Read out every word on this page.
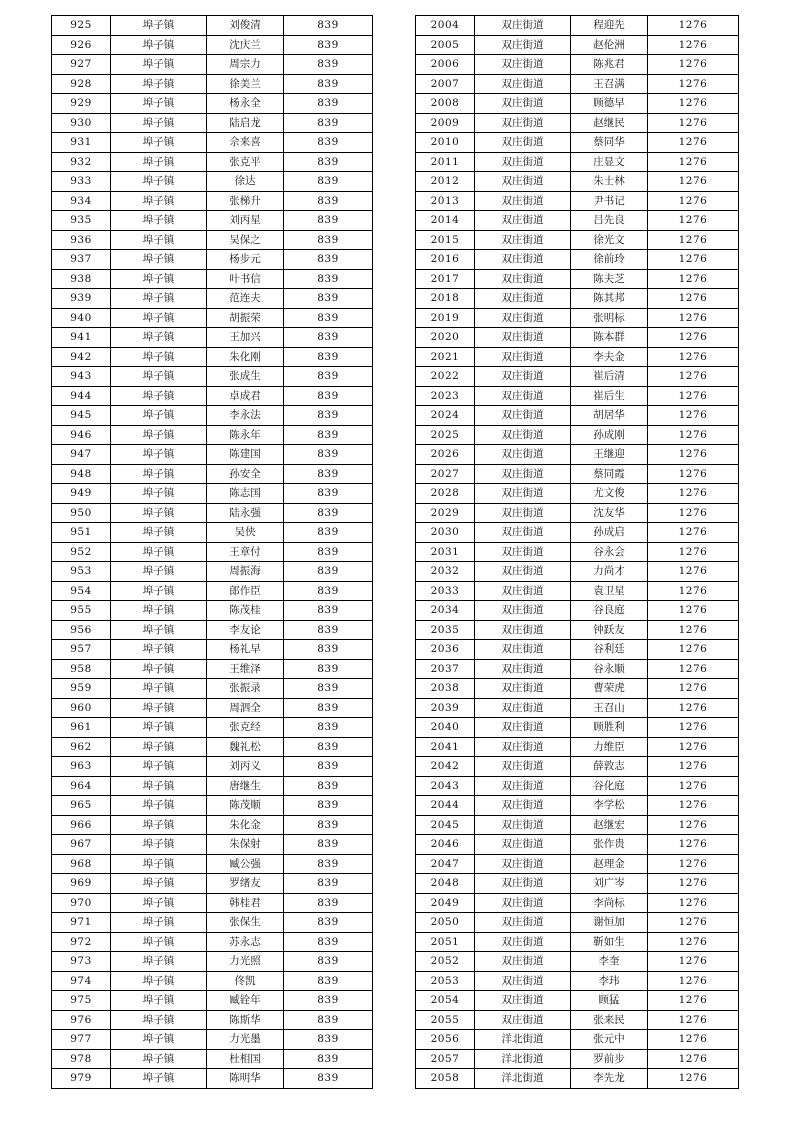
925	埠子镇	刘俊清	839
926	埠子镇	沈庆兰	839
927	埠子镇	周宗力	839
928	埠子镇	徐美兰	839
929	埠子镇	杨永全	839
930	埠子镇	陆启龙	839
931	埠子镇	佘来喜	839
932	埠子镇	张克平	839
933	埠子镇	徐达	839
934	埠子镇	张梯升	839
935	埠子镇	刘丙星	839
936	埠子镇	吴保之	839
937	埠子镇	杨步元	839
938	埠子镇	叶书信	839
939	埠子镇	范连夫	839
940	埠子镇	胡振荣	839
941	埠子镇	王加兴	839
942	埠子镇	朱化刚	839
943	埠子镇	张成生	839
944	埠子镇	卓成君	839
945	埠子镇	李永法	839
946	埠子镇	陈永年	839
947	埠子镇	陈建国	839
948	埠子镇	孙安全	839
949	埠子镇	陈志国	839
950	埠子镇	陆永强	839
951	埠子镇	吴侠	839
952	埠子镇	王章付	839
953	埠子镇	周振海	839
954	埠子镇	郎作臣	839
955	埠子镇	陈茂桂	839
956	埠子镇	李友论	839
957	埠子镇	杨礼早	839
958	埠子镇	王维泽	839
959	埠子镇	张振录	839
960	埠子镇	周泗全	839
961	埠子镇	张克经	839
962	埠子镇	魏礼松	839
963	埠子镇	刘丙义	839
964	埠子镇	唐继生	839
965	埠子镇	陈茂顺	839
966	埠子镇	朱化金	839
967	埠子镇	朱保射	839
968	埠子镇	臧公强	839
969	埠子镇	罗绪友	839
970	埠子镇	韩桂君	839
971	埠子镇	张保生	839
972	埠子镇	苏永志	839
973	埠子镇	力光照	839
974	埠子镇	佟凯	839
975	埠子镇	臧铨年	839
976	埠子镇	陈斯华	839
977	埠子镇	力光墨	839
978	埠子镇	杜相国	839
979	埠子镇	陈明华	839
2004	双庄街道	程迎先	1276
2005	双庄街道	赵伦洲	1276
2006	双庄街道	陈兆君	1276
2007	双庄街道	王召满	1276
2008	双庄街道	顾德早	1276
2009	双庄街道	赵继民	1276
2010	双庄街道	蔡同华	1276
2011	双庄街道	庄显文	1276
2012	双庄街道	朱士林	1276
2013	双庄街道	尹书记	1276
2014	双庄街道	吕先良	1276
2015	双庄街道	徐光文	1276
2016	双庄街道	徐前玲	1276
2017	双庄街道	陈夫芝	1276
2018	双庄街道	陈其邦	1276
2019	双庄街道	张明标	1276
2020	双庄街道	陈本群	1276
2021	双庄街道	李夫金	1276
2022	双庄街道	崔后清	1276
2023	双庄街道	崔后生	1276
2024	双庄街道	胡居华	1276
2025	双庄街道	孙成刚	1276
2026	双庄街道	王继迎	1276
2027	双庄街道	蔡同霞	1276
2028	双庄街道	尤文俊	1276
2029	双庄街道	沈友华	1276
2030	双庄街道	孙成启	1276
2031	双庄街道	谷永会	1276
2032	双庄街道	力尚才	1276
2033	双庄街道	袁卫星	1276
2034	双庄街道	谷良庭	1276
2035	双庄街道	钟跃友	1276
2036	双庄街道	谷利廷	1276
2037	双庄街道	谷永顺	1276
2038	双庄街道	曹荣虎	1276
2039	双庄街道	王召山	1276
2040	双庄街道	顾胜利	1276
2041	双庄街道	力维臣	1276
2042	双庄街道	薛敦志	1276
2043	双庄街道	谷化庭	1276
2044	双庄街道	李学松	1276
2045	双庄街道	赵继宏	1276
2046	双庄街道	张作贵	1276
2047	双庄街道	赵理金	1276
2048	双庄街道	刘广岑	1276
2049	双庄街道	李尚标	1276
2050	双庄街道	谢恒加	1276
2051	双庄街道	靳如生	1276
2052	双庄街道	李奎	1276
2053	双庄街道	李玮	1276
2054	双庄街道	顾猛	1276
2055	双庄街道	张来民	1276
2056	洋北街道	张元中	1276
2057	洋北街道	罗前步	1276
2058	洋北街道	李先龙	1276
